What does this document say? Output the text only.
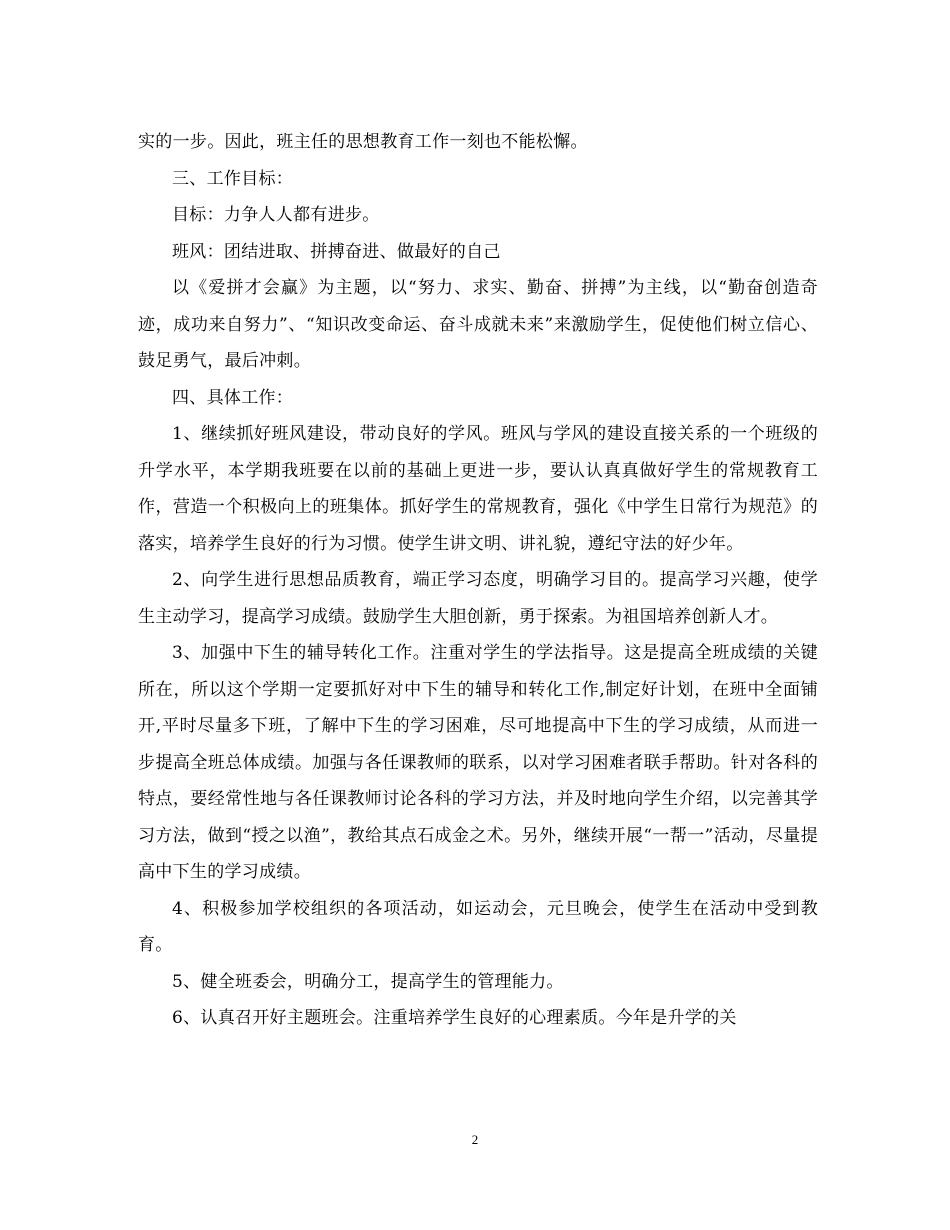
实的一步。因此，班主任的思想教育工作一刻也不能松懈。

三、工作目标：

目标：力争人人都有进步。

班风：团结进取、拼搏奋进、做最好的自己

以《爱拼才会赢》为主题，以“努力、求实、勤奋、拼搏”为主线，以“勤奋创造奇迹，成功来自努力”、“知识改变命运、奋斗成就未来”来激励学生，促使他们树立信心、鼓足勇气，最后冲刺。

四、具体工作：

1、继续抓好班风建设，带动良好的学风。班风与学风的建设直接关系的一个班级的升学水平，本学期我班要在以前的基础上更进一步，要认认真真做好学生的常规教育工作，营造一个积极向上的班集体。抓好学生的常规教育，强化《中学生日常行为规范》的落实，培养学生良好的行为习惯。使学生讲文明、讲礼貌，遵纪守法的好少年。

2、向学生进行思想品质教育，端正学习态度，明确学习目的。提高学习兴趣，使学生主动学习，提高学习成绩。鼓励学生大胆创新，勇于探索。为祖国培养创新人才。

3、加强中下生的辅导转化工作。注重对学生的学法指导。这是提高全班成绩的关键所在，所以这个学期一定要抓好对中下生的辅导和转化工作,制定好计划，在班中全面铺开,平时尽量多下班，了解中下生的学习困难，尽可地提高中下生的学习成绩，从而进一步提高全班总体成绩。加强与各任课教师的联系，以对学习困难者联手帮助。针对各科的特点，要经常性地与各任课教师讨论各科的学习方法，并及时地向学生介绍，以完善其学习方法，做到“授之以渔”，教给其点石成金之术。另外，继续开展“一帮一”活动，尽量提高中下生的学习成绩。

4、积极参加学校组织的各项活动，如运动会，元旦晚会，使学生在活动中受到教育。

5、健全班委会，明确分工，提高学生的管理能力。

6、认真召开好主题班会。注重培养学生良好的心理素质。今年是升学的关

2
